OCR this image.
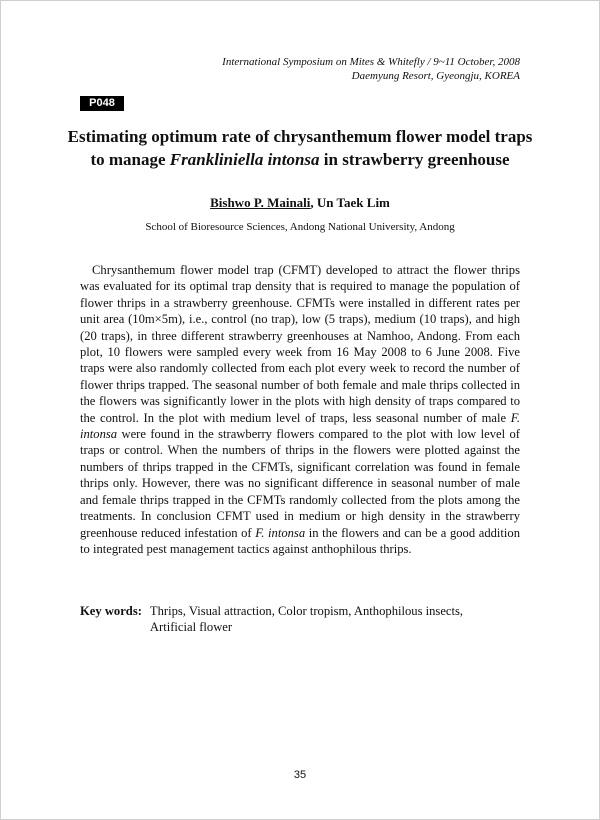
International Symposium on Mites & Whitefly / 9~11 October, 2008
Daemyung Resort, Gyeongju, KOREA
P048
Estimating optimum rate of chrysanthemum flower model traps
to manage Frankliniella intonsa in strawberry greenhouse
Bishwo P. Mainali, Un Taek Lim
School of Bioresource Sciences, Andong National University, Andong

Chrysanthemum flower model trap (CFMT) developed to attract the flower thrips was evaluated for its optimal trap density that is required to manage the population of flower thrips in a strawberry greenhouse. CFMTs were installed in different rates per unit area (10m×5m), i.e., control (no trap), low (5 traps), medium (10 traps), and high (20 traps), in three different strawberry greenhouses at Namhoo, Andong. From each plot, 10 flowers were sampled every week from 16 May 2008 to 6 June 2008. Five traps were also randomly collected from each plot every week to record the number of flower thrips trapped. The seasonal number of both female and male thrips collected in the flowers was significantly lower in the plots with high density of traps compared to the control. In the plot with medium level of traps, less seasonal number of male F. intonsa were found in the strawberry flowers compared to the plot with low level of traps or control. When the numbers of thrips in the flowers were plotted against the numbers of thrips trapped in the CFMTs, significant correlation was found in female thrips only. However, there was no significant difference in seasonal number of male and female thrips trapped in the CFMTs randomly collected from the plots among the treatments. In conclusion CFMT used in medium or high density in the strawberry greenhouse reduced infestation of F. intonsa in the flowers and can be a good addition to integrated pest management tactics against anthophilous thrips.

Key words: Thrips, Visual attraction, Color tropism, Anthophilous insects,
Artificial flower
35
